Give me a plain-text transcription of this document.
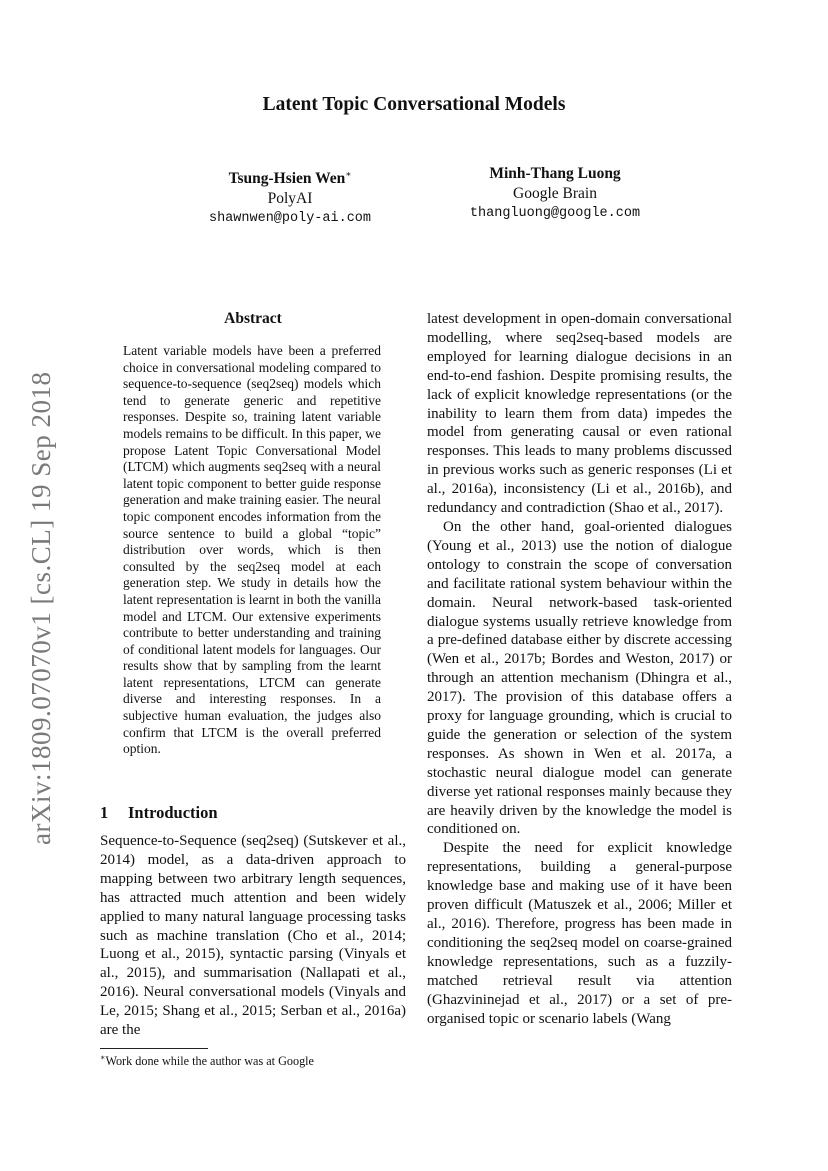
Latent Topic Conversational Models
Tsung-Hsien Wen∗
PolyAI
shawnwen@poly-ai.com
Minh-Thang Luong
Google Brain
thangluong@google.com
arXiv:1809.07070v1 [cs.CL] 19 Sep 2018
Abstract
Latent variable models have been a preferred choice in conversational modeling compared to sequence-to-sequence (seq2seq) models which tend to generate generic and repetitive responses. Despite so, training latent variable models remains to be difficult. In this paper, we propose Latent Topic Conversational Model (LTCM) which augments seq2seq with a neural latent topic component to better guide response generation and make training easier. The neural topic component encodes information from the source sentence to build a global “topic” distribution over words, which is then consulted by the seq2seq model at each generation step. We study in details how the latent representation is learnt in both the vanilla model and LTCM. Our extensive experiments contribute to better understanding and training of conditional latent models for languages. Our results show that by sampling from the learnt latent representations, LTCM can generate diverse and interesting responses. In a subjective human evaluation, the judges also confirm that LTCM is the overall preferred option.
1 Introduction
Sequence-to-Sequence (seq2seq) (Sutskever et al., 2014) model, as a data-driven approach to mapping between two arbitrary length sequences, has attracted much attention and been widely applied to many natural language processing tasks such as machine translation (Cho et al., 2014; Luong et al., 2015), syntactic parsing (Vinyals et al., 2015), and summarisation (Nallapati et al., 2016). Neural conversational models (Vinyals and Le, 2015; Shang et al., 2015; Serban et al., 2016a) are the
∗Work done while the author was at Google

latest development in open-domain conversational modelling, where seq2seq-based models are employed for learning dialogue decisions in an end-to-end fashion. Despite promising results, the lack of explicit knowledge representations (or the inability to learn them from data) impedes the model from generating causal or even rational responses. This leads to many problems discussed in previous works such as generic responses (Li et al., 2016a), inconsistency (Li et al., 2016b), and redundancy and contradiction (Shao et al., 2017).

On the other hand, goal-oriented dialogues (Young et al., 2013) use the notion of dialogue ontology to constrain the scope of conversation and facilitate rational system behaviour within the domain. Neural network-based task-oriented dialogue systems usually retrieve knowledge from a pre-defined database either by discrete accessing (Wen et al., 2017b; Bordes and Weston, 2017) or through an attention mechanism (Dhingra et al., 2017). The provision of this database offers a proxy for language grounding, which is crucial to guide the generation or selection of the system responses. As shown in Wen et al. 2017a, a stochastic neural dialogue model can generate diverse yet rational responses mainly because they are heavily driven by the knowledge the model is conditioned on.

Despite the need for explicit knowledge representations, building a general-purpose knowledge base and making use of it have been proven difficult (Matuszek et al., 2006; Miller et al., 2016). Therefore, progress has been made in conditioning the seq2seq model on coarse-grained knowledge representations, such as a fuzzily-matched retrieval result via attention (Ghazvininejad et al., 2017) or a set of pre-organised topic or scenario labels (Wang
